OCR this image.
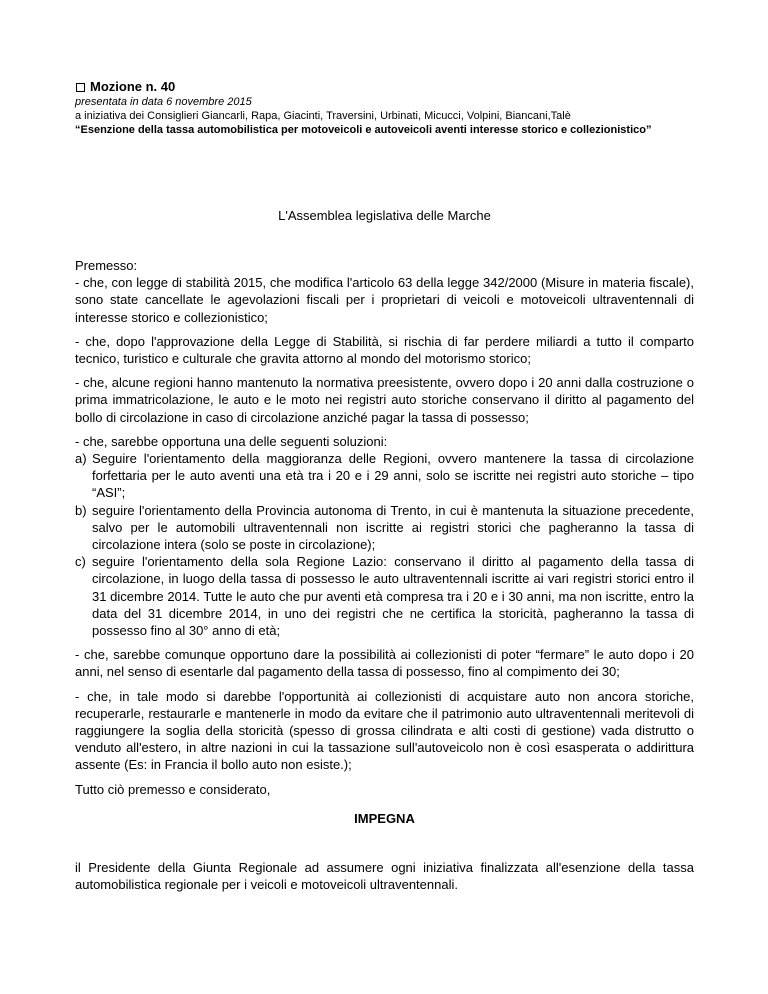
Mozione n. 40
presentata in data 6 novembre 2015
a iniziativa dei Consiglieri Giancarli, Rapa, Giacinti, Traversini, Urbinati, Micucci, Volpini, Biancani,Talè
“Esenzione della tassa automobilistica per motoveicoli e autoveicoli aventi interesse storico e collezionistico”
L'Assemblea legislativa delle Marche
Premesso:
- che, con legge di stabilità 2015, che modifica l'articolo 63 della legge 342/2000 (Misure in materia fiscale), sono state cancellate le agevolazioni fiscali per i proprietari di veicoli e motoveicoli ultraventennali di interesse storico e collezionistico;
- che, dopo l'approvazione della Legge di Stabilità, si rischia di far perdere miliardi a tutto il comparto tecnico, turistico e culturale che gravita attorno al mondo del motorismo storico;
- che, alcune regioni hanno mantenuto la normativa preesistente, ovvero dopo i 20 anni dalla costruzione o prima immatricolazione, le auto e le moto nei registri auto storiche conservano il diritto al pagamento del bollo di circolazione in caso di circolazione anziché pagar la tassa di possesso;
- che, sarebbe opportuna una delle seguenti soluzioni:
a) Seguire l'orientamento della maggioranza delle Regioni, ovvero mantenere la tassa di circolazione forfettaria per le auto aventi una età tra i 20 e i 29 anni, solo se iscritte nei registri auto storiche – tipo “ASI”;
b) seguire l'orientamento della Provincia autonoma di Trento, in cui è mantenuta la situazione precedente, salvo per le automobili ultraventennali non iscritte ai registri storici che pagheranno la tassa di circolazione intera (solo se poste in circolazione);
c) seguire l'orientamento della sola Regione Lazio: conservano il diritto al pagamento della tassa di circolazione, in luogo della tassa di possesso le auto ultraventennali iscritte ai vari registri storici entro il 31 dicembre 2014. Tutte le auto che pur aventi età compresa tra i 20 e i 30 anni, ma non iscritte, entro la data del 31 dicembre 2014, in uno dei registri che ne certifica la storicità, pagheranno la tassa di possesso fino al 30° anno di età;
- che, sarebbe comunque opportuno dare la possibilità ai collezionisti di poter “fermare” le auto dopo i 20 anni, nel senso di esentarle dal pagamento della tassa di possesso, fino al compimento dei 30;
- che, in tale modo si darebbe l'opportunità ai collezionisti di acquistare auto non ancora storiche, recuperarle, restaurarle e mantenerle in modo da evitare che il patrimonio auto ultraventennali meritevoli di raggiungere la soglia della storicità (spesso di grossa cilindrata e alti costi di gestione) vada distrutto o venduto all'estero, in altre nazioni in cui la tassazione sull'autoveicolo non è così esasperata o addirittura assente (Es: in Francia il bollo auto non esiste.);
Tutto ciò premesso e considerato,
IMPEGNA
il Presidente della Giunta Regionale ad assumere ogni iniziativa finalizzata all'esenzione della tassa automobilistica regionale per i veicoli e motoveicoli ultraventennali.
